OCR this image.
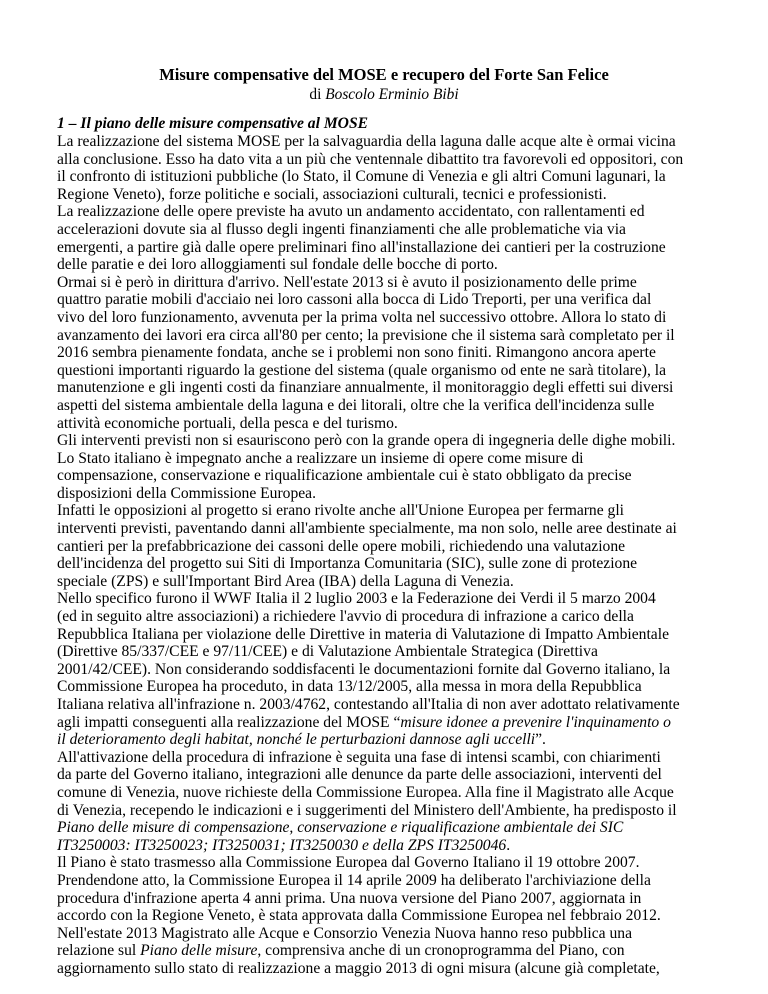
Misure compensative del MOSE e recupero del Forte San Felice
di Boscolo Erminio Bibi
1 – Il piano delle misure compensative al MOSE
La realizzazione del sistema MOSE per la salvaguardia della laguna dalle acque alte è ormai vicina
alla conclusione. Esso ha dato vita a un più che ventennale dibattito tra favorevoli ed oppositori, con
il confronto di istituzioni pubbliche (lo Stato, il Comune di Venezia e gli altri Comuni lagunari, la
Regione Veneto), forze politiche e sociali, associazioni culturali, tecnici e professionisti.
La realizzazione delle opere previste ha avuto un andamento accidentato, con rallentamenti ed
accelerazioni dovute sia al flusso degli ingenti finanziamenti che alle problematiche via via
emergenti, a partire già dalle opere preliminari fino all'installazione dei cantieri per la costruzione
delle paratie e dei loro alloggiamenti sul fondale delle bocche di porto.
Ormai si è però in dirittura d'arrivo. Nell'estate 2013 si è avuto il posizionamento delle prime
quattro paratie mobili d'acciaio nei loro cassoni alla bocca di Lido Treporti, per una verifica dal
vivo del loro funzionamento, avvenuta per la prima volta nel successivo ottobre. Allora lo stato di
avanzamento dei lavori era circa all'80 per cento; la previsione che il sistema sarà completato per il
2016 sembra pienamente fondata, anche se i problemi non sono finiti. Rimangono ancora aperte
questioni importanti riguardo la gestione del sistema (quale organismo od ente ne sarà titolare), la
manutenzione e gli ingenti costi da finanziare annualmente, il monitoraggio degli effetti sui diversi
aspetti del sistema ambientale della laguna e dei litorali, oltre che la verifica dell'incidenza sulle
attività economiche portuali, della pesca e del turismo.
Gli interventi previsti non si esauriscono però con la grande opera di ingegneria delle dighe mobili.
Lo Stato italiano è impegnato anche a realizzare un insieme di opere come misure di
compensazione, conservazione e riqualificazione ambientale cui è stato obbligato da precise
disposizioni della Commissione Europea.
Infatti le opposizioni al progetto si erano rivolte anche all'Unione Europea per fermarne gli
interventi previsti, paventando danni all'ambiente specialmente, ma non solo, nelle aree destinate ai
cantieri per la prefabbricazione dei cassoni delle opere mobili, richiedendo una valutazione
dell'incidenza del progetto sui Siti di Importanza Comunitaria (SIC), sulle zone di protezione
speciale (ZPS) e sull'Important Bird Area (IBA) della Laguna di Venezia.
Nello specifico furono il WWF Italia il 2 luglio 2003 e la Federazione dei Verdi il 5 marzo 2004
(ed in seguito altre associazioni) a richiedere l'avvio di procedura di infrazione a carico della
Repubblica Italiana per violazione delle Direttive in materia di Valutazione di Impatto Ambientale
(Direttive 85/337/CEE e 97/11/CEE) e di Valutazione Ambientale Strategica (Direttiva
2001/42/CEE). Non considerando soddisfacenti le documentazioni fornite dal Governo italiano, la
Commissione Europea ha proceduto, in data 13/12/2005, alla messa in mora della Repubblica
Italiana relativa all'infrazione n. 2003/4762, contestando all'Italia di non aver adottato relativamente
agli impatti conseguenti alla realizzazione del MOSE “misure idonee a prevenire l'inquinamento o
il deterioramento degli habitat, nonché le perturbazioni dannose agli uccelli”.
All'attivazione della procedura di infrazione è seguita una fase di intensi scambi, con chiarimenti
da parte del Governo italiano, integrazioni alle denunce da parte delle associazioni, interventi del
comune di Venezia, nuove richieste della Commissione Europea. Alla fine il Magistrato alle Acque
di Venezia, recependo le indicazioni e i suggerimenti del Ministero dell'Ambiente, ha predisposto il
Piano delle misure di compensazione, conservazione e riqualificazione ambientale dei SIC
IT3250003: IT3250023; IT3250031; IT3250030 e della ZPS IT3250046.
Il Piano è stato trasmesso alla Commissione Europea dal Governo Italiano il 19 ottobre 2007.
Prendendone atto, la Commissione Europea il 14 aprile 2009 ha deliberato l'archiviazione della
procedura d'infrazione aperta 4 anni prima. Una nuova versione del Piano 2007, aggiornata in
accordo con la Regione Veneto, è stata approvata dalla Commissione Europea nel febbraio 2012.
Nell'estate 2013 Magistrato alle Acque e Consorzio Venezia Nuova hanno reso pubblica una
relazione sul Piano delle misure, comprensiva anche di un cronoprogramma del Piano, con
aggiornamento sullo stato di realizzazione a maggio 2013 di ogni misura (alcune già completate,
